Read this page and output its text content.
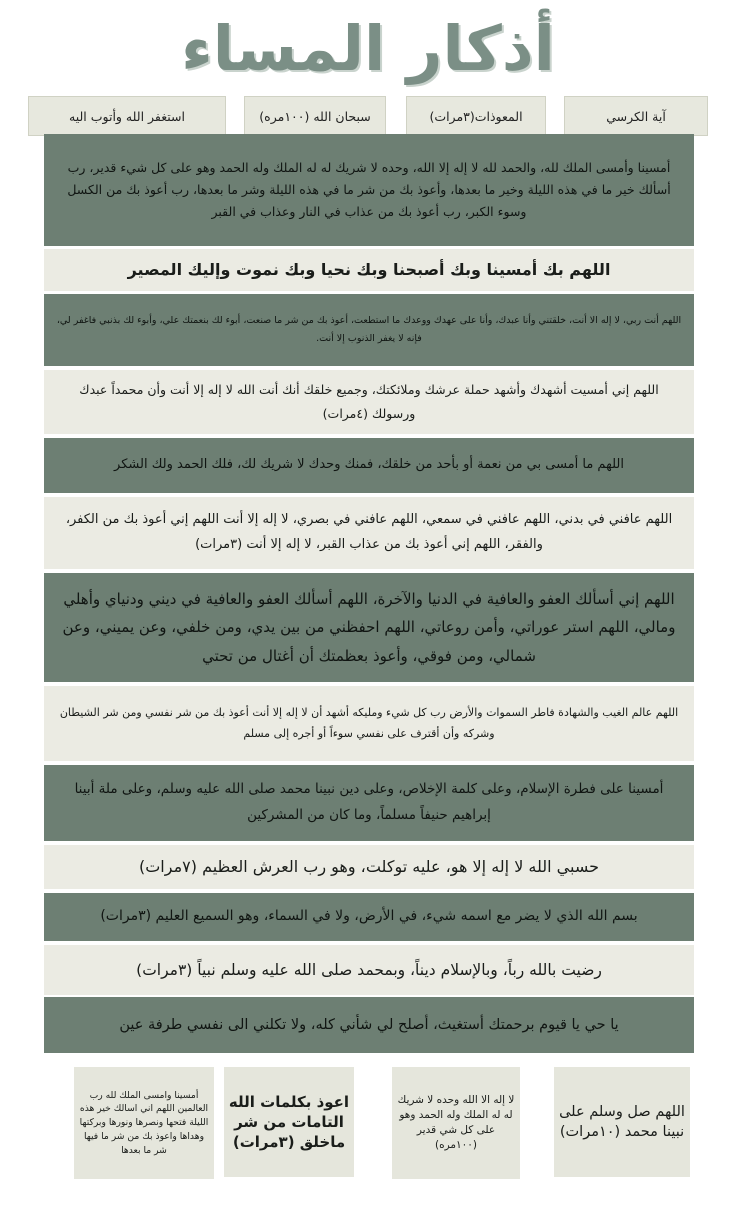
أذكار المساء
آية الكرسي
المعوذات(٣مرات)
سبحان الله (١٠٠مره)
استغفر الله وأتوب اليه
أمسينا وأمسى الملك لله، والحمد لله لا إله إلا الله، وحده لا شريك له له الملك وله الحمد وهو على كل شيء قدير، رب أسألك خير ما في هذه الليلة وخير ما بعدها، وأعوذ بك من شر ما في هذه الليلة وشر ما بعدها، رب أعوذ بك من الكسل وسوء الكبر، رب أعوذ بك من عذاب في النار وعذاب في القبر
اللهم بك أمسينا وبك أصبحنا وبك نحيا وبك نموت وإليك المصير
اللهم أنت ربي، لا إله الا أنت، خلقتني وأنا عبدك، وأنا على عهدك ووعدك ما استطعت، أعوذ بك من شر ما صنعت، أبوء لك بنعمتك علي، وأبوء لك بذنبي فاغفر لي، فإنه لا يغفر الذنوب إلا أنت.
اللهم إني أمسيت أشهدك وأشهد حملة عرشك وملائكتك، وجميع خلقك أنك أنت الله لا إله إلا أنت وأن محمداً عبدك ورسولك (٤مرات)
اللهم ما أمسى بي من نعمة أو بأحد من خلقك، فمنك وحدك لا شريك لك، فلك الحمد ولك الشكر
اللهم عافني في بدني، اللهم عافني في سمعي، اللهم عافني في بصري، لا إله إلا أنت اللهم إني أعوذ بك من الكفر، والفقر، اللهم إني أعوذ بك من عذاب القبر، لا إله إلا أنت (٣مرات)
اللهم إني أسألك العفو والعافية في الدنيا والآخرة، اللهم أسألك العفو والعافية في ديني ودنياي وأهلي ومالي، اللهم استر عوراتي، وأمن روعاتي، اللهم احفظني من بين يدي، ومن خلفي، وعن يميني، وعن شمالي، ومن فوقي، وأعوذ بعظمتك أن أغتال من تحتي
اللهم عالم الغيب والشهادة فاطر السموات والأرض رب كل شيء ومليكه أشهد أن لا إله إلا أنت أعوذ بك من شر نفسي ومن شر الشيطان وشركه وأن أقترف على نفسي سوءاً أو أجره إلى مسلم
أمسينا على فطرة الإسلام، وعلى كلمة الإخلاص، وعلى دين نبينا محمد صلى الله عليه وسلم، وعلى ملة أبينا إبراهيم حنيفاً مسلماً، وما كان من المشركين
حسبي الله لا إله إلا هو، عليه توكلت، وهو رب العرش العظيم (٧مرات)
بسم الله الذي لا يضر مع اسمه شيء، في الأرض، ولا في السماء، وهو السميع العليم (٣مرات)
رضيت بالله رباً، وبالإسلام ديناً، وبمحمد صلى الله عليه وسلم نبياً (٣مرات)
يا حي يا قيوم برحمتك أستغيث، أصلح لي شأني كله، ولا تكلني الى نفسي طرفة عين
اللهم صل وسلم على نبينا محمد (١٠مرات)
لا إله الا الله وحده لا شريك له له الملك وله الحمد وهو على كل شي قدير (١٠٠مره)
اعوذ بكلمات الله التامات من شر ماخلق (٣مرات)
أمسينا وامسى الملك لله رب العالمين اللهم اني اسالك خير هذه الليلة فتحها ونصرها ونورها وبركتها وهداها واعوذ بك من شر ما فيها شر ما بعدها
